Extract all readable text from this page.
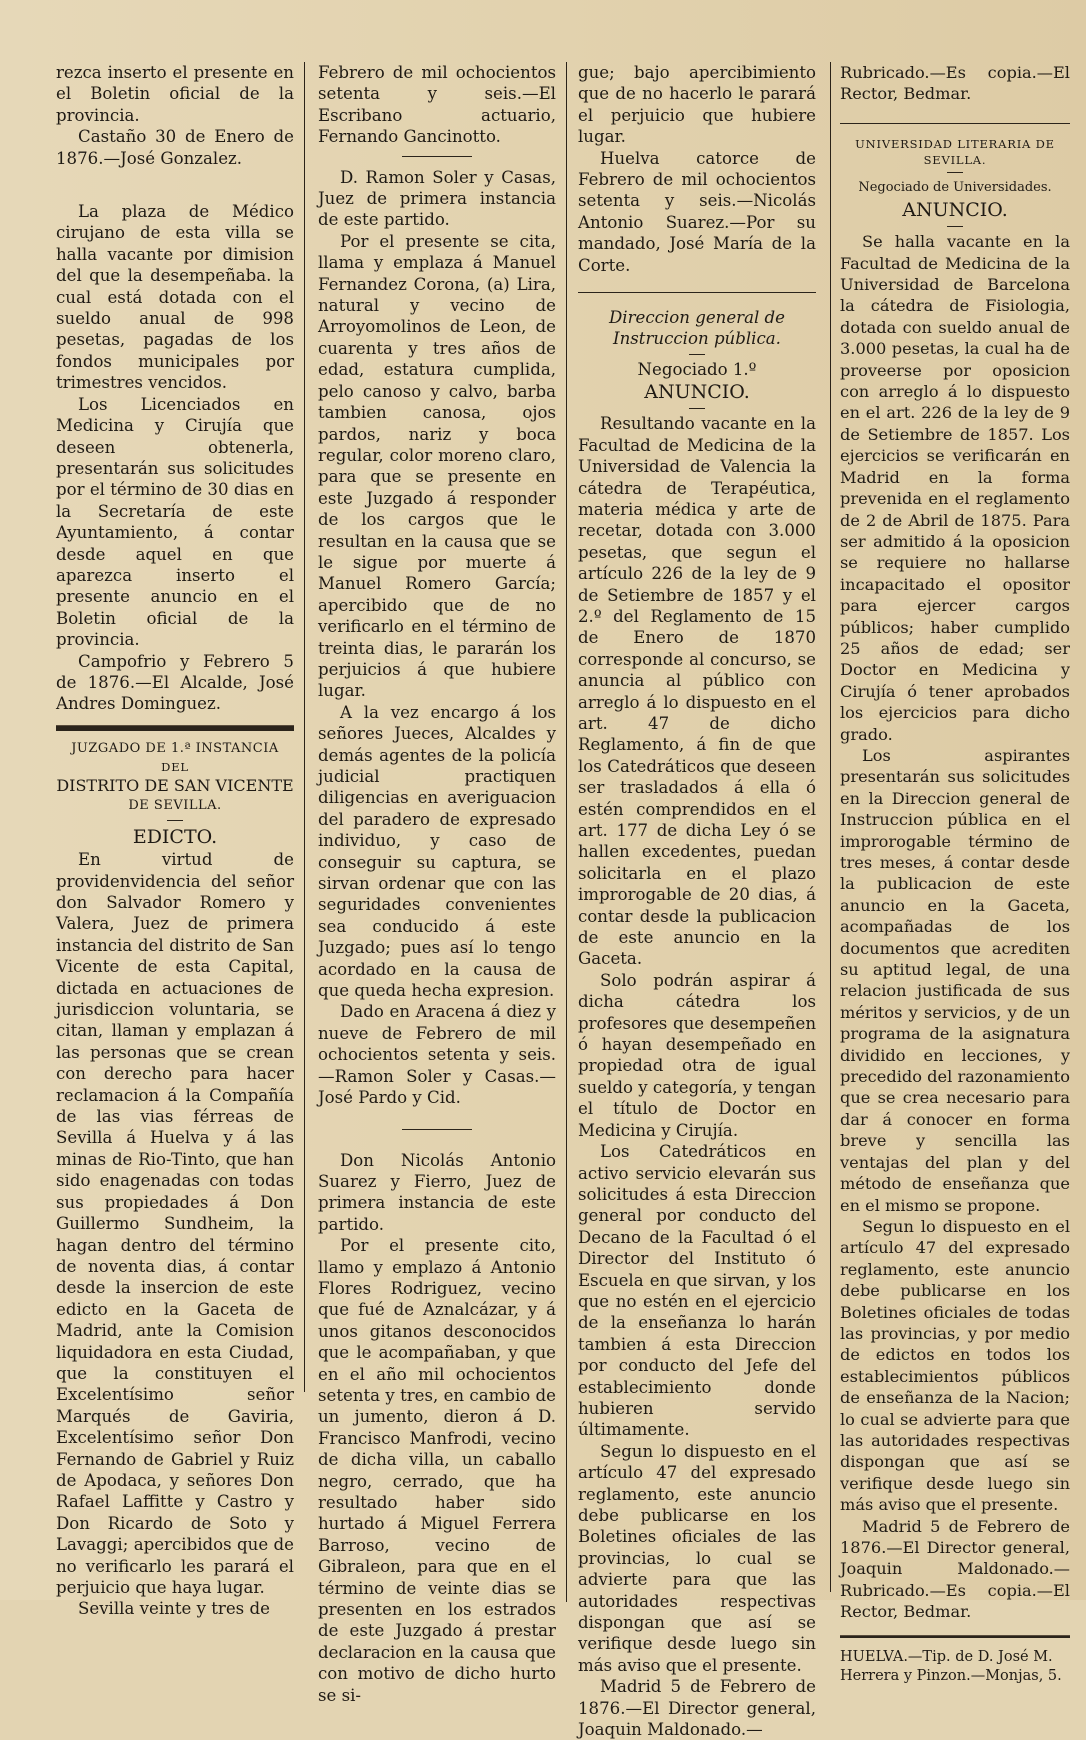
rezca inserto el presente en el Boletin oficial de la provincia.

Castaño 30 de Enero de 1876.—José Gonzalez.

La plaza de Médico cirujano de esta villa se halla vacante por dimision del que la desempeñaba. la cual está dotada con el sueldo anual de 998 pesetas, pagadas de los fondos municipales por trimestres vencidos.

Los Licenciados en Medicina y Cirujía que deseen obtenerla, presentarán sus solicitudes por el término de 30 dias en la Secretaría de este Ayuntamiento, á contar desde aquel en que aparezca inserto el presente anuncio en el Boletin oficial de la provincia.

Campofrio y Febrero 5 de 1876.—El Alcalde, José Andres Dominguez.

JUZGADO DE 1.ª INSTANCIA

DEL

DISTRITO DE SAN VICENTE

DE SEVILLA.

EDICTO.

En virtud de providenvidencia del señor don Salvador Romero y Valera, Juez de primera instancia del distrito de San Vicente de esta Capital, dictada en actuaciones de jurisdiccion voluntaria, se citan, llaman y emplazan á las personas que se crean con derecho para hacer reclamacion á la Compañía de las vias férreas de Sevilla á Huelva y á las minas de Rio-Tinto, que han sido enagenadas con todas sus propiedades á Don Guillermo Sundheim, la hagan dentro del término de noventa dias, á contar desde la insercion de este edicto en la Gaceta de Madrid, ante la Comision liquidadora en esta Ciudad, que la constituyen el Excelentísimo señor Marqués de Gaviria, Excelentísimo señor Don Fernando de Gabriel y Ruiz de Apodaca, y señores Don Rafael Laffitte y Castro y Don Ricardo de Soto y Lavaggi; apercibidos que de no verificarlo les parará el perjuicio que haya lugar.

Sevilla veinte y tres de

Febrero de mil ochocientos setenta y seis.—El Escribano actuario, Fernando Gancinotto.

D. Ramon Soler y Casas, Juez de primera instancia de este partido.

Por el presente se cita, llama y emplaza á Manuel Fernandez Corona, (a) Lira, natural y vecino de Arroyomolinos de Leon, de cuarenta y tres años de edad, estatura cumplida, pelo canoso y calvo, barba tambien canosa, ojos pardos, nariz y boca regular, color moreno claro, para que se presente en este Juzgado á responder de los cargos que le resultan en la causa que se le sigue por muerte á Manuel Romero García; apercibido que de no verificarlo en el término de treinta dias, le pararán los perjuicios á que hubiere lugar.

A la vez encargo á los señores Jueces, Alcaldes y demás agentes de la policía judicial practiquen diligencias en averiguacion del paradero de expresado individuo, y caso de conseguir su captura, se sirvan ordenar que con las seguridades convenientes sea conducido á este Juzgado; pues así lo tengo acordado en la causa de que queda hecha expresion.

Dado en Aracena á diez y nueve de Febrero de mil ochocientos setenta y seis.—Ramon Soler y Casas.—José Pardo y Cid.

Don Nicolás Antonio Suarez y Fierro, Juez de primera instancia de este partido.

Por el presente cito, llamo y emplazo á Antonio Flores Rodriguez, vecino que fué de Aznalcázar, y á unos gitanos desconocidos que le acompañaban, y que en el año mil ochocientos setenta y tres, en cambio de un jumento, dieron á D. Francisco Manfrodi, vecino de dicha villa, un caballo negro, cerrado, que ha resultado haber sido hurtado á Miguel Ferrera Barroso, vecino de Gibraleon, para que en el término de veinte dias se presenten en los estrados de este Juzgado á prestar declaracion en la causa que con motivo de dicho hurto se si-

gue; bajo apercibimiento que de no hacerlo le parará el perjuicio que hubiere lugar.

Huelva catorce de Febrero de mil ochocientos setenta y seis.—Nicolás Antonio Suarez.—Por su mandado, José María de la Corte.

Direccion general de Instruccion pública.

Negociado 1.º

ANUNCIO.

Resultando vacante en la Facultad de Medicina de la Universidad de Valencia la cátedra de Terapéutica, materia médica y arte de recetar, dotada con 3.000 pesetas, que segun el artículo 226 de la ley de 9 de Setiembre de 1857 y el 2.º del Reglamento de 15 de Enero de 1870 corresponde al concurso, se anuncia al público con arreglo á lo dispuesto en el art. 47 de dicho Reglamento, á fin de que los Catedráticos que deseen ser trasladados á ella ó estén comprendidos en el art. 177 de dicha Ley ó se hallen excedentes, puedan solicitarla en el plazo improrogable de 20 dias, á contar desde la publicacion de este anuncio en la Gaceta.

Solo podrán aspirar á dicha cátedra los profesores que desempeñen ó hayan desempeñado en propiedad otra de igual sueldo y categoría, y tengan el título de Doctor en Medicina y Cirujía.

Los Catedráticos en activo servicio elevarán sus solicitudes á esta Direccion general por conducto del Decano de la Facultad ó el Director del Instituto ó Escuela en que sirvan, y los que no estén en el ejercicio de la enseñanza lo harán tambien á esta Direccion por conducto del Jefe del establecimiento donde hubieren servido últimamente.

Segun lo dispuesto en el artículo 47 del expresado reglamento, este anuncio debe publicarse en los Boletines oficiales de las provincias, lo cual se advierte para que las autoridades respectivas dispongan que así se verifique desde luego sin más aviso que el presente.

Madrid 5 de Febrero de 1876.—El Director general, Joaquin Maldonado.—

Rubricado.—Es copia.—El Rector, Bedmar.

UNIVERSIDAD LITERARIA DE

SEVILLA.

Negociado de Universidades.

ANUNCIO.

Se halla vacante en la Facultad de Medicina de la Universidad de Barcelona la cátedra de Fisiologia, dotada con sueldo anual de 3.000 pesetas, la cual ha de proveerse por oposicion con arreglo á lo dispuesto en el art. 226 de la ley de 9 de Setiembre de 1857. Los ejercicios se verificarán en Madrid en la forma prevenida en el reglamento de 2 de Abril de 1875. Para ser admitido á la oposicion se requiere no hallarse incapacitado el opositor para ejercer cargos públicos; haber cumplido 25 años de edad; ser Doctor en Medicina y Cirujía ó tener aprobados los ejercicios para dicho grado.

Los aspirantes presentarán sus solicitudes en la Direccion general de Instruccion pública en el improrogable término de tres meses, á contar desde la publicacion de este anuncio en la Gaceta, acompañadas de los documentos que acrediten su aptitud legal, de una relacion justificada de sus méritos y servicios, y de un programa de la asignatura dividido en lecciones, y precedido del razonamiento que se crea necesario para dar á conocer en forma breve y sencilla las ventajas del plan y del método de enseñanza que en el mismo se propone.

Segun lo dispuesto en el artículo 47 del expresado reglamento, este anuncio debe publicarse en los Boletines oficiales de todas las provincias, y por medio de edictos en todos los establecimientos públicos de enseñanza de la Nacion; lo cual se advierte para que las autoridades respectivas dispongan que así se verifique desde luego sin más aviso que el presente.

Madrid 5 de Febrero de 1876.—El Director general, Joaquin Maldonado.—Rubricado.—Es copia.—El Rector, Bedmar.

HUELVA.—Tip. de D. José M. Herrera y Pinzon.—Monjas, 5.
